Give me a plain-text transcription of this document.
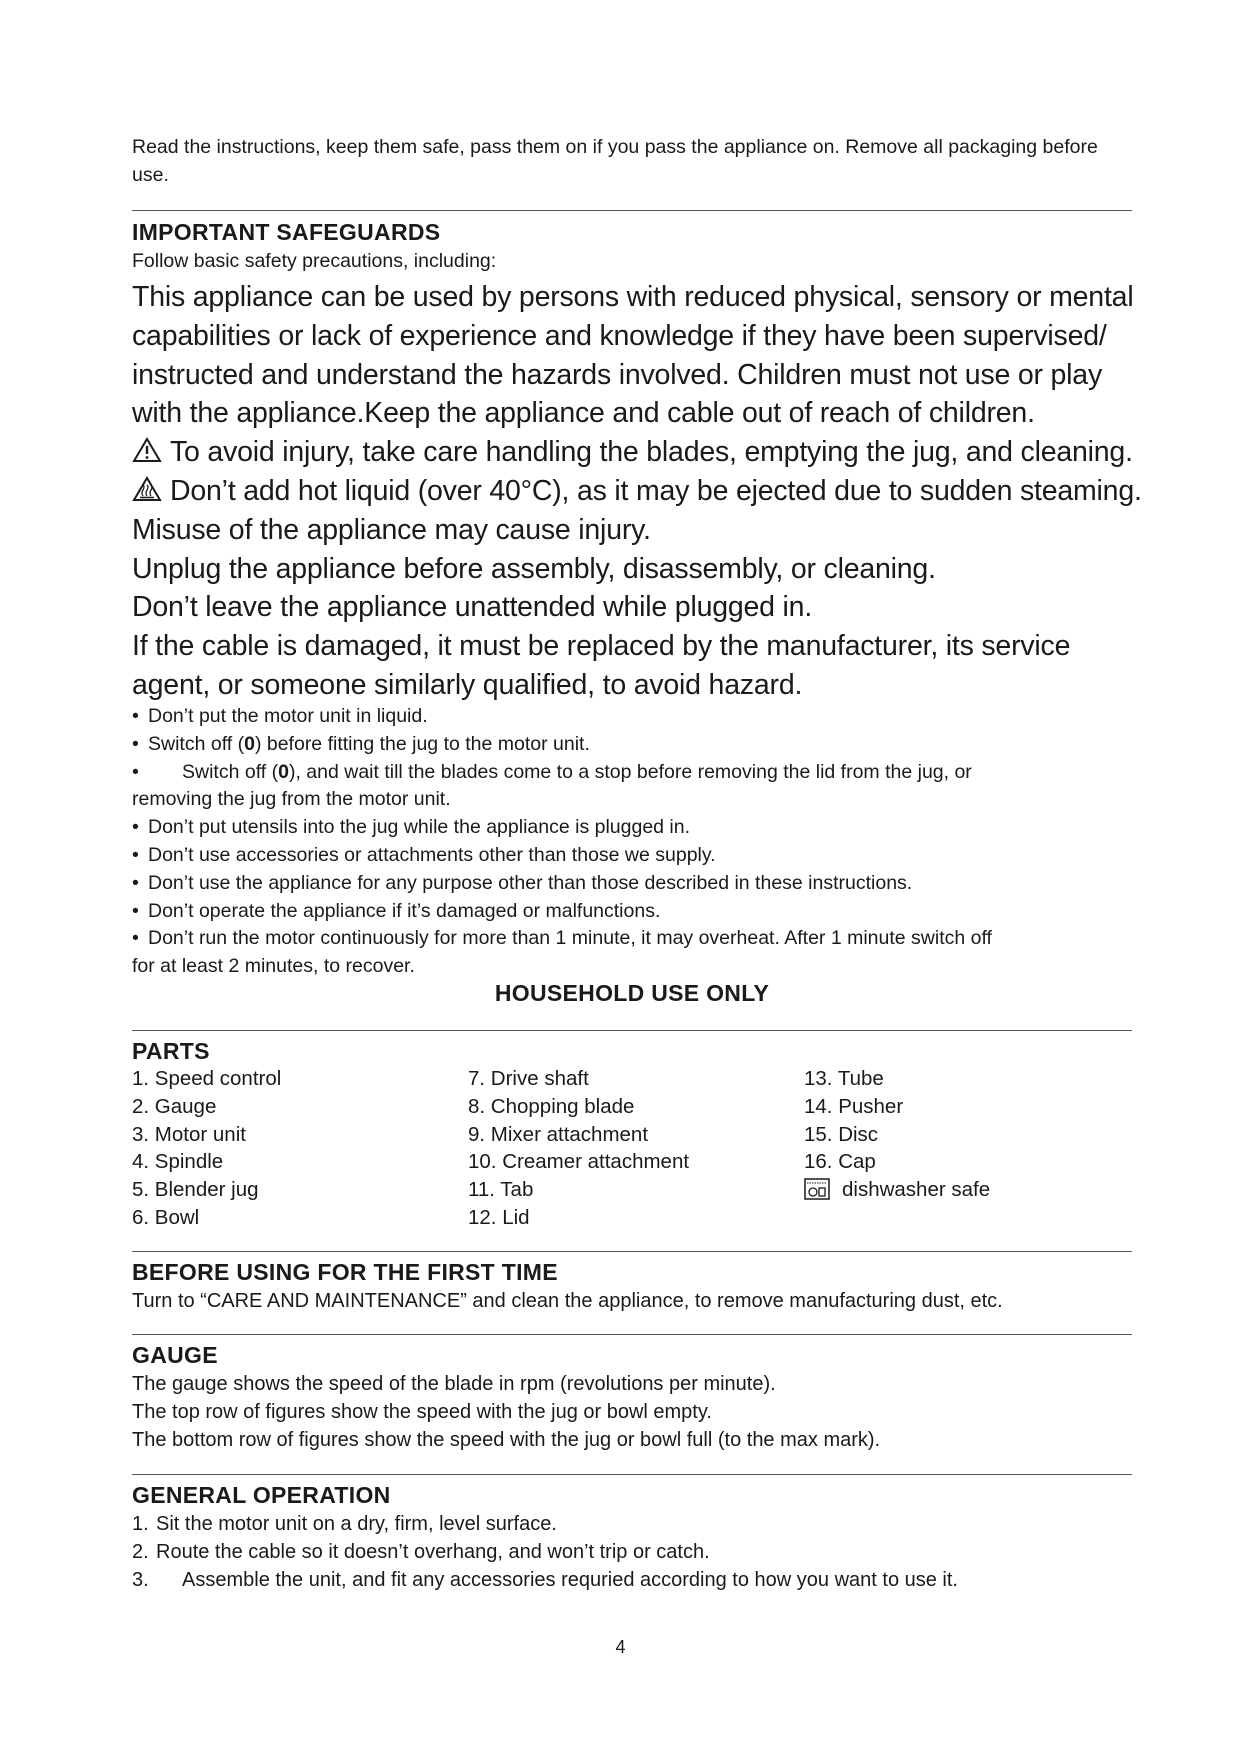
Read the instructions, keep them safe, pass them on if you pass the appliance on. Remove all packaging before use.
IMPORTANT SAFEGUARDS
Follow basic safety precautions, including:

This appliance can be used by persons with reduced physical, sensory or mental

capabilities or lack of experience and knowledge if they have been supervised/

instructed and understand the hazards involved. Children must not use or play

with the appliance.Keep the appliance and cable out of reach of children.

To avoid injury, take care handling the blades, emptying the jug, and cleaning.

Don’t add hot liquid (over 40°C), as it may be ejected due to sudden steaming.

Misuse of the appliance may cause injury.

Unplug the appliance before assembly, disassembly, or cleaning.

Don’t leave the appliance unattended while plugged in.

If the cable is damaged, it must be replaced by the manufacturer, its service

agent, or someone similarly qualified, to avoid hazard.

• Don’t put the motor unit in liquid.
• Switch off (0) before fitting the jug to the motor unit.
•	Switch off (0), and wait till the blades come to a stop before removing the lid from the jug, or
removing the jug from the motor unit.
• Don’t put utensils into the jug while the appliance is plugged in.
• Don’t use accessories or attachments other than those we supply.
• Don’t use the appliance for any purpose other than those described in these instructions.
• Don’t operate the appliance if it’s damaged or malfunctions.
• Don’t run the motor continuously for more than 1 minute, it may overheat. After 1 minute switch off
for at least 2 minutes, to recover.
HOUSEHOLD USE ONLY
PARTS
1. Speed control
2. Gauge
3. Motor unit
4. Spindle
5. Blender jug
6. Bowl
7. Drive shaft
8. Chopping blade
9. Mixer attachment
10. Creamer attachment
11. Tab
12. Lid
13. Tube
14. Pusher
15. Disc
16. Cap
dishwasher safe
BEFORE USING FOR THE FIRST TIME
Turn to “CARE AND MAINTENANCE” and clean the appliance, to remove manufacturing dust, etc.
GAUGE
The gauge shows the speed of the blade in rpm (revolutions per minute).
The top row of figures show the speed with the jug or bowl empty.
The bottom row of figures show the speed with the jug or bowl full (to the max mark).
GENERAL OPERATION
1. Sit the motor unit on a dry, firm, level surface.
2. Route the cable so it doesn’t overhang, and won’t trip or catch.
3.	Assemble the unit, and fit any accessories requried according to how you want to use it.
4
